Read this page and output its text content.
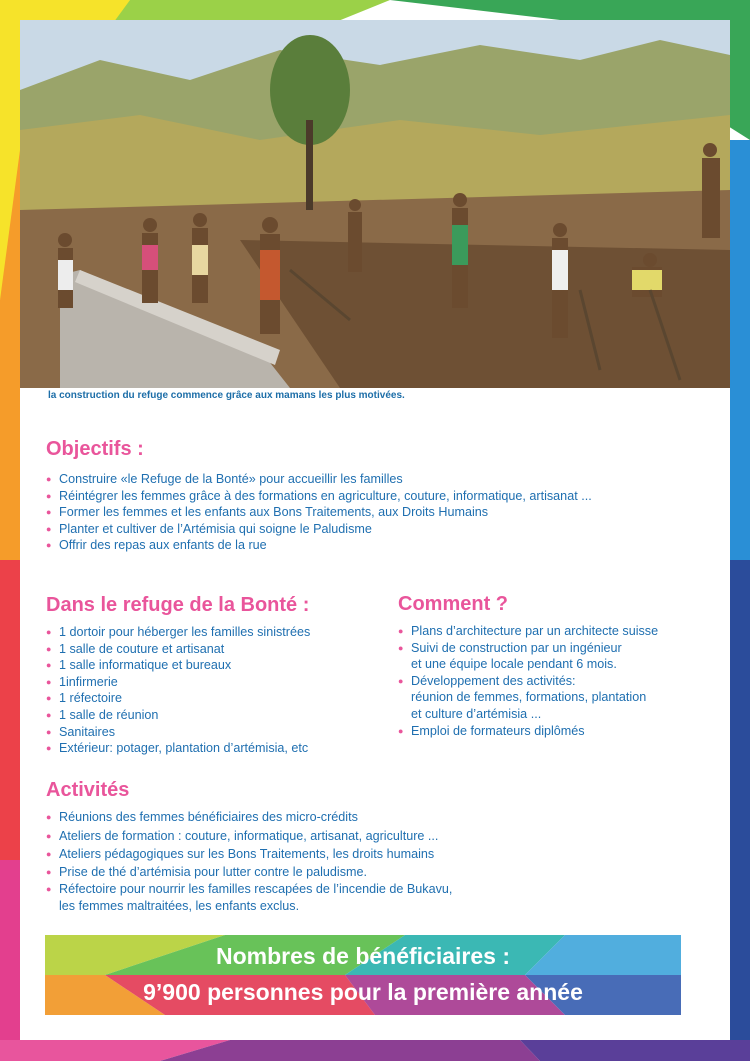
la construction du refuge commence grâce aux mamans les plus motivées.
Objectifs :
● Construire «le Refuge de la Bonté» pour accueillir les familles
● Réintégrer les femmes grâce à des formations en agriculture, couture, informatique, artisanat ...
● Former les femmes et les enfants aux Bons Traitements, aux Droits Humains
● Planter et cultiver de l’Artémisia qui soigne le Paludisme
● Offrir des repas aux enfants de la rue
Dans le refuge de la Bonté :
● 1 dortoir pour héberger les familles sinistrées
● 1 salle de couture et artisanat
● 1 salle informatique et bureaux
● 1infirmerie
● 1 réfectoire
● 1 salle de réunion
● Sanitaires
● Extérieur: potager, plantation d’artémisia, etc
Comment ?
● Plans d’architecture par un architecte suisse
● Suivi de construction par un ingénieur
et une équipe locale pendant 6 mois.
● Développement des activités:
réunion de femmes, formations, plantation
et culture d’artémisia ...
● Emploi de formateurs diplômés
Activités
● Réunions des femmes bénéficiaires des micro-crédits
● Ateliers de formation : couture, informatique, artisanat, agriculture ...
● Ateliers pédagogiques sur les Bons Traitements, les droits humains
● Prise de thé d’artémisia pour lutter contre le paludisme.
● Réfectoire pour nourrir les familles rescapées de l’incendie de Bukavu,
les femmes maltraitées, les enfants exclus.
Nombres de bénéficiaires :
9’900 personnes pour la première année
